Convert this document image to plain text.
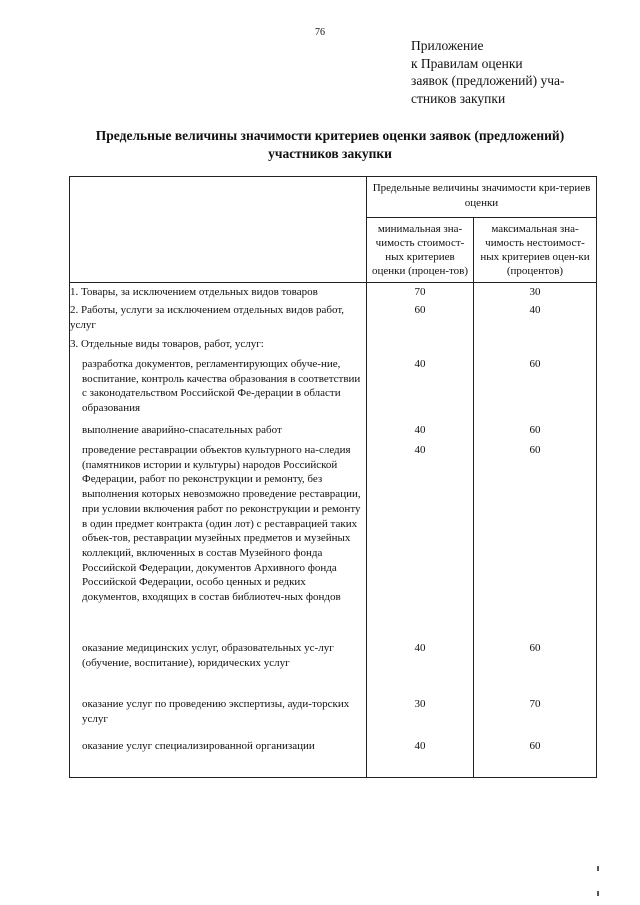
76
Приложение
к Правилам оценки
заявок (предложений) уча-
стников закупки
Предельные величины значимости критериев оценки заявок (предложений)
участников закупки
	Предельные величины значимости кри-териев оценки	
	минимальная зна-чимость стоимост-ных критериев оценки (процен-тов)	максимальная зна-чимость нестоимост-ных критериев оцен-ки (процентов)
1. Товары, за исключением отдельных видов товаров	70	30
2. Работы, услуги за исключением отдельных видов работ, услуг	60	40
3. Отдельные виды товаров, работ, услуг:		
разработка документов, регламентирующих обуче-ние, воспитание, контроль качества образования в соответствии с законодательством Российской Фе-дерации в области образования	40	60
выполнение аварийно-спасательных работ	40	60
проведение реставрации объектов культурного на-следия (памятников истории и культуры) народов Российской Федерации, работ по реконструкции и ремонту, без выполнения которых невозможно проведение реставрации, при условии включения работ по реконструкции и ремонту в один предмет контракта (один лот) с реставрацией таких объек-тов, реставрации музейных предметов и музейных коллекций, включенных в состав Музейного фонда Российской Федерации, документов Архивного фонда Российской Федерации, особо ценных и редких документов, входящих в состав библиотеч-ных фондов	40	60
оказание медицинских услуг, образовательных ус-луг (обучение, воспитание), юридических услуг	40	60
оказание услуг по проведению экспертизы, ауди-торских услуг	30	70
оказание услуг специализированной организации	40	60
